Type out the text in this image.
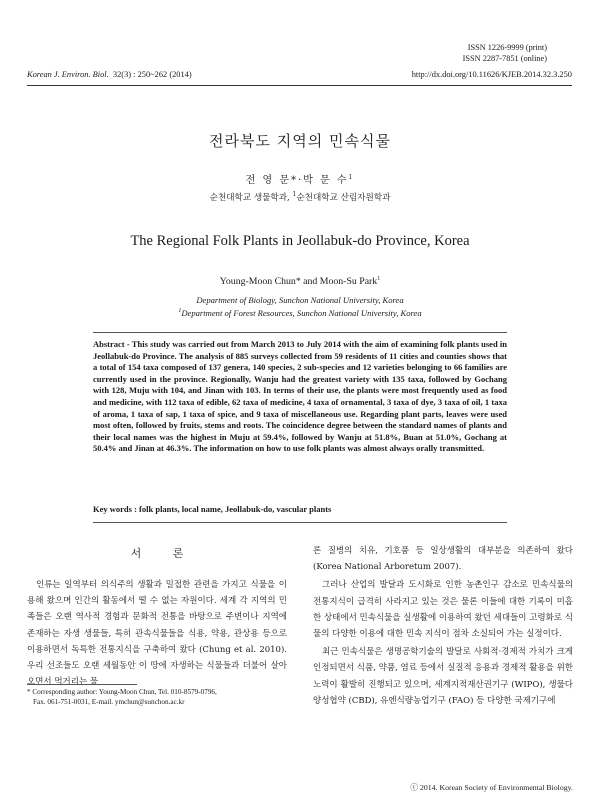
ISSN 1226-9999 (print)
ISSN 2287-7851 (online)
Korean J. Environ. Biol. 32(3) : 250~262 (2014)	http://dx.doi.org/10.11626/KJEB.2014.32.3.250
전라북도 지역의 민속식물
전 영 문*·박 문 수$^1$
순천대학교 생물학과, $^1$순천대학교 산림자원학과
The Regional Folk Plants in Jeollabuk-do Province, Korea
Young-Moon Chun* and Moon-Su Park$^1$
Department of Biology, Sunchon National University, Korea
$^1$Department of Forest Resources, Sunchon National University, Korea
Abstract - This study was carried out from March 2013 to July 2014 with the aim of examining folk plants used in Jeollabuk-do Province. The analysis of 885 surveys collected from 59 residents of 11 cities and counties shows that a total of 154 taxa composed of 137 genera, 140 species, 2 sub-species and 12 varieties belonging to 66 families are currently used in the province. Regionally, Wanju had the greatest variety with 135 taxa, followed by Gochang with 128, Muju with 104, and Jinan with 103. In terms of their use, the plants were most frequently used as food and medicine, with 112 taxa of edible, 62 taxa of medicine, 4 taxa of ornamental, 3 taxa of dye, 3 taxa of oil, 1 taxa of aroma, 1 taxa of sap, 1 taxa of spice, and 9 taxa of miscellaneous use. Regarding plant parts, leaves were used most often, followed by fruits, stems and roots. The coincidence degree between the standard names of plants and their local names was the highest in Muju at 59.4%, followed by Wanju at 51.8%, Buan at 51.0%, Gochang at 50.4% and Jinan at 46.3%. The information on how to use folk plants was almost always orally transmitted.
Key words : folk plants, local name, Jeollabuk-do, vascular plants
서 론

인류는 일역부터 의식주의 생활과 밀접한 관련을 가지고 식물을 이용해 왔으며 인간의 활동에서 떨 수 없는 자원이다. 세계 각 지역의 민족들은 오랜 역사적 경험과 문화적 전통을 바탕으로 주변이나 지역에 존재하는 자생 생물들, 특히 관속식물들을 식용, 약용, 관상용 등으로 이용하면서 독특한 전통지식을 구축하여 왔다 (Chung et al. 2010). 우리 선조들도 오랜 세월동안 이 땅에 자생하는 식물들과 더불어 살아오면서 먹거리는 물

론 질병의 치유, 기호품 등 일상생활의 대부분을 의존하여 왔다 (Korea National Arboretum 2007).

그러나 산업의 발달과 도시화로 인한 농촌인구 감소로 민속식물의 전통지식이 급격히 사라지고 있는 것은 물론 이들에 대한 기록이 미흡한 상태에서 민속식물을 실생활에 이용하여 왔던 세대들이 고령화로 식물의 다양한 이용에 대한 민속 지식이 점차 소실되어 가는 실정이다.

최근 민속식물은 생명공학기술의 발달로 사회적·경제적 가치가 크게 인정되면서 식품, 약품, 염료 등에서 실질적 응용과 경제적 활용을 위한 노력이 활발히 진행되고 있으며, 세계지적재산권기구 (WIPO), 생물다양성협약 (CBD), 유엔식량농업기구 (FAO) 등 다양한 국제기구에

* Corresponding author: Young-Moon Chun, Tel. 010-8579-0796,
Fax. 061-751-0031, E-mail. ymchun@sunchon.ac.kr
ⓒ 2014. Korean Society of Environmental Biology.
